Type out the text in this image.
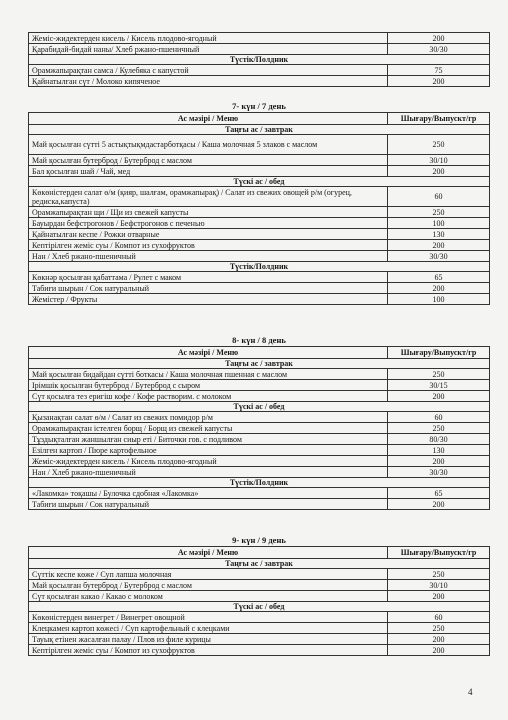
Жеміс-жидектерден кисель / Кисель плодово-ягодный	200
Қарабидай-бидай наны/ Хлеб ржано-пшеничный	30/30
Түстік/Полдник	
Орамжапырақтан самса / Кулебяка с капустой	75
Қайнатылған сүт / Молоко кипяченое	200
7- күн / 7 день
Ас мәзірі / Меню	Шығару/Выпускт/гр
Таңғы ас / завтрак	
Май қосылған сүтті 5 астықтықмдастарботқасы / Каша молочная 5 злаков с маслом	250
Май қосылған бутерброд / Бутерброд с маслом	30/10
Бал қосылған шай / Чай, мед	200
Түскі ас / обед	
Көкөністерден салат ө/м (қияр, шалғам, орамжапырақ) / Салат из свежих овощей р/м (огурец, редиска,капуста)	60
Орамжапырақтан щи / Щи из свежей капусты	250
Бауырдан бефстрогонов / Бефстрогонов с печенью	100
Қайнатылған кеспе / Рожки отварные	130
Кептірілген жеміс суы / Компот из сухофруктов	200
Нан / Хлеб ржано-пшеничный	30/30
Түстік/Полдник	
Көкнәр қосылған қабаттама / Рулет с маком	65
Табиғи шырын / Сок натуральный	200
Жемістер / Фрукты	100
8- күн / 8 день
Ас мәзірі / Меню	Шығару/Выпускт/гр
Таңғы ас / завтрак	
Май қосылған бидайдан сүтті боткасы / Каша молочная пшенная с маслом	250
Ірімшік қосылған бутерброд / Бутерброд с сыром	30/15
Сүт қосылға тез еригіш кофе / Кофе растворим. с молоком	200
Түскі ас / обед	
Қызанақтан салат ө/м / Салат из свежих помидор р/м	60
Орамжапырақтан істелген борщ / Борщ из свежей капусты	250
Тұздықталған жаншылған сиыр еті / Биточки гов. с подливом	80/30
Езілген картоп / Пюре картофельное	130
Жеміс-жидектерден кисель / Кисель плодово-ягодный	200
Нан / Хлеб ржано-пшеничный	30/30
Түстік/Полдник	
«Лакомка» тоқашы / Булочка сдобная «Лакомка»	65
Табиғи шырын / Сок натуральный	200
9- күн / 9 день
Ас мәзірі / Меню	Шығару/Выпускт/гр
Таңғы ас / завтрак	
Сүттік кеспе көже / Суп лапша молочная	250
Май қосылған бутерброд / Бутерброд с маслом	30/10
Сүт қосылған какао / Какао с молоком	200
Түскі ас / обед	
Көкөністерден винегрет / Винегрет овощной	60
Клецкамен картоп көжесі / Суп картофельный с клецками	250
Тауық етінен жасалған палау / Плов из филе курицы	200
Кептірілген жеміс суы / Компот из сухофруктов	200
4
